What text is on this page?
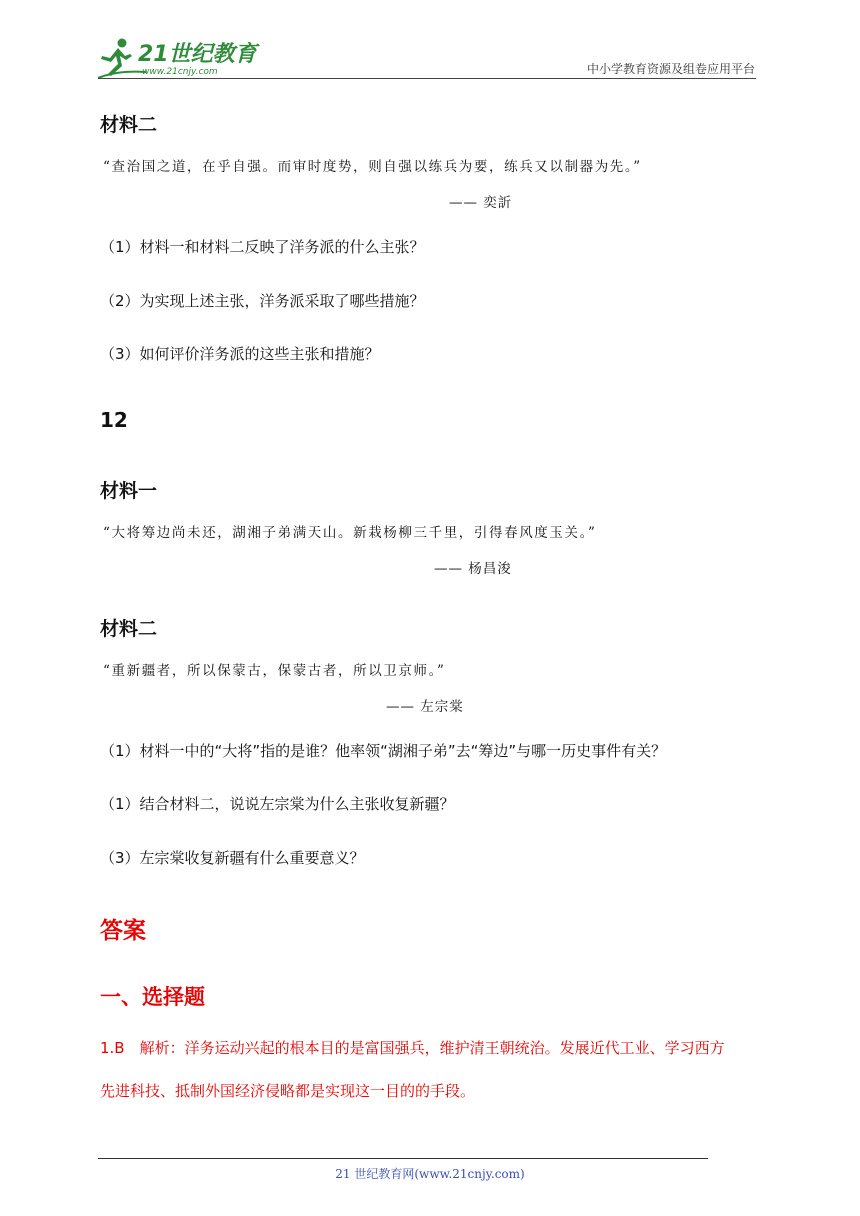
21世纪教育
www.21cnjy.com	中小学教育资源及组卷应用平台
材料二
“查治国之道，在乎自强。而审时度势，则自强以练兵为要，练兵又以制器为先。”
—— 奕訢
（1）材料一和材料二反映了洋务派的什么主张？
（2）为实现上述主张，洋务派采取了哪些措施？
（3）如何评价洋务派的这些主张和措施？
12
材料一
“大将筹边尚未还，湖湘子弟满天山。新栽杨柳三千里，引得春风度玉关。”
—— 杨昌浚
材料二
“重新疆者，所以保蒙古，保蒙古者，所以卫京师。”
—— 左宗棠
（1）材料一中的“大将”指的是谁？他率领“湖湘子弟”去“筹边”与哪一历史事件有关？
（1）结合材料二，说说左宗棠为什么主张收复新疆？
（3）左宗棠收复新疆有什么重要意义？
答案
一、选择题
1.B　解析：洋务运动兴起的根本目的是富国强兵，维护清王朝统治。发展近代工业、学习西方
先进科技、抵制外国经济侵略都是实现这一目的的手段。
21 世纪教育网(www.21cnjy.com)
